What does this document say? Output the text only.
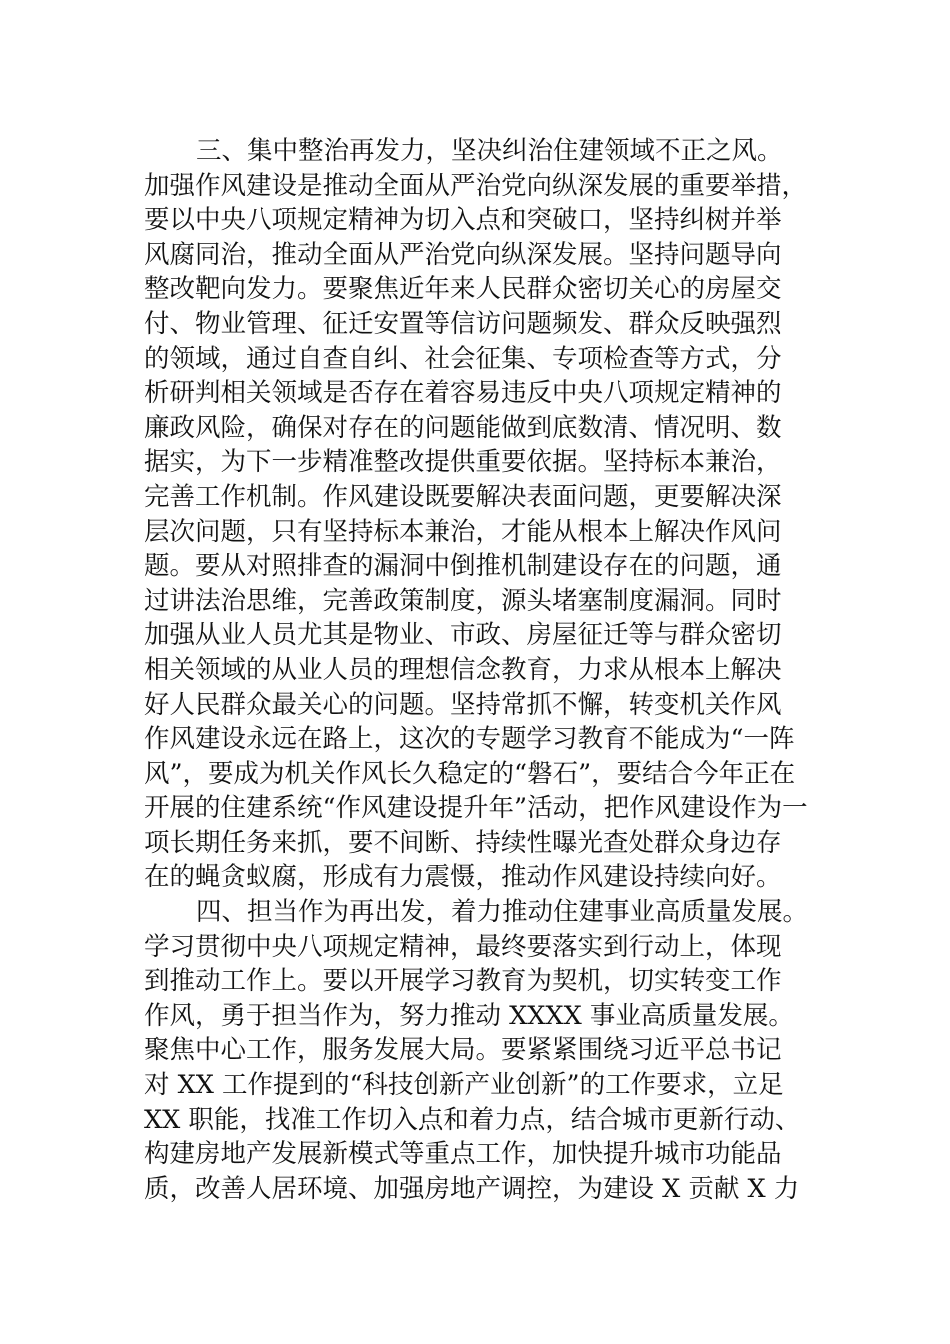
三、集中整治再发力，坚决纠治住建领域不正之风。
加强作风建设是推动全面从严治党向纵深发展的重要举措，
要以中央八项规定精神为切入点和突破口，坚持纠树并举
风腐同治，推动全面从严治党向纵深发展。坚持问题导向
整改靶向发力。要聚焦近年来人民群众密切关心的房屋交
付、物业管理、征迁安置等信访问题频发、群众反映强烈
的领域，通过自查自纠、社会征集、专项检查等方式，分
析研判相关领域是否存在着容易违反中央八项规定精神的
廉政风险，确保对存在的问题能做到底数清、情况明、数
据实，为下一步精准整改提供重要依据。坚持标本兼治，
完善工作机制。作风建设既要解决表面问题，更要解决深
层次问题，只有坚持标本兼治，才能从根本上解决作风问
题。要从对照排查的漏洞中倒推机制建设存在的问题，通
过讲法治思维，完善政策制度，源头堵塞制度漏洞。同时
加强从业人员尤其是物业、市政、房屋征迁等与群众密切
相关领域的从业人员的理想信念教育，力求从根本上解决
好人民群众最关心的问题。坚持常抓不懈，转变机关作风
作风建设永远在路上，这次的专题学习教育不能成为“一阵
风”，要成为机关作风长久稳定的“磐石”，要结合今年正在
开展的住建系统“作风建设提升年”活动，把作风建设作为一
项长期任务来抓，要不间断、持续性曝光查处群众身边存
在的蝇贪蚁腐，形成有力震慑，推动作风建设持续向好。
四、担当作为再出发，着力推动住建事业高质量发展。
学习贯彻中央八项规定精神，最终要落实到行动上，体现
到推动工作上。要以开展学习教育为契机，切实转变工作
作风，勇于担当作为，努力推动 XXXX 事业高质量发展。
聚焦中心工作，服务发展大局。要紧紧围绕习近平总书记
对 XX 工作提到的“科技创新产业创新”的工作要求，立足
XX 职能，找准工作切入点和着力点，结合城市更新行动、
构建房地产发展新模式等重点工作，加快提升城市功能品
质，改善人居环境、加强房地产调控，为建设 X 贡献 X 力
